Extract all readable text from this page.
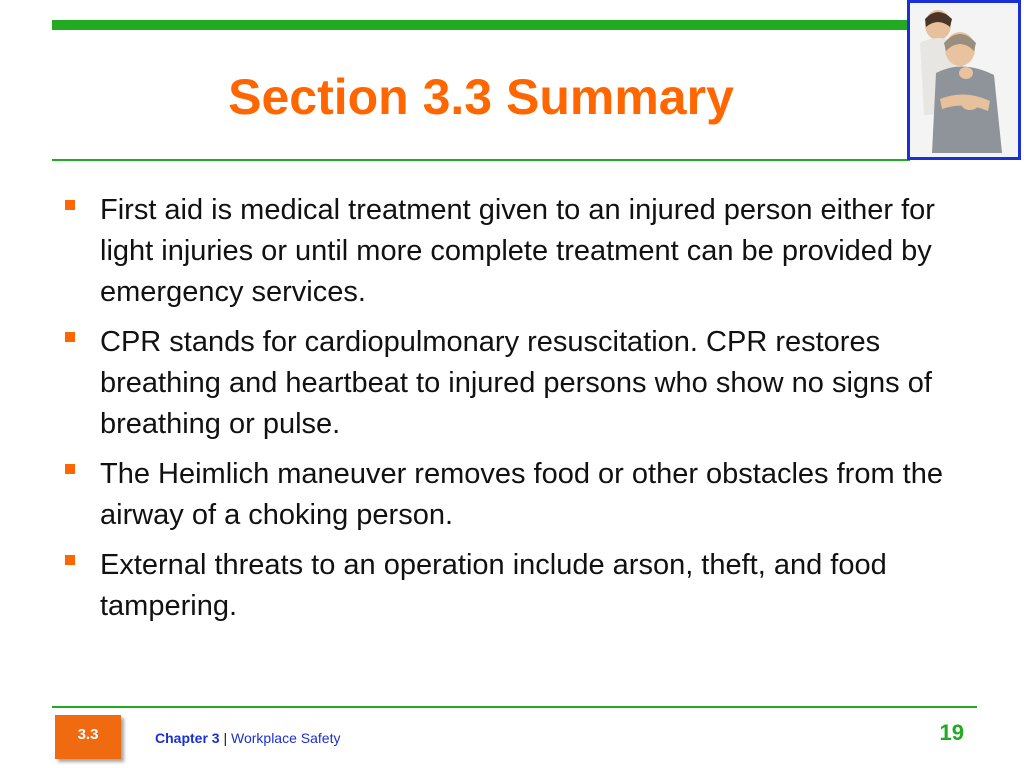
Section 3.3 Summary
First aid is medical treatment given to an injured person either for light injuries or until more complete treatment can be provided by emergency services.
CPR stands for cardiopulmonary resuscitation. CPR restores breathing and heartbeat to injured persons who show no signs of breathing or pulse.
The Heimlich maneuver removes food or other obstacles from the airway of a choking person.
External threats to an operation include arson, theft, and food tampering.
3.3	Chapter 3 | Workplace Safety	19
